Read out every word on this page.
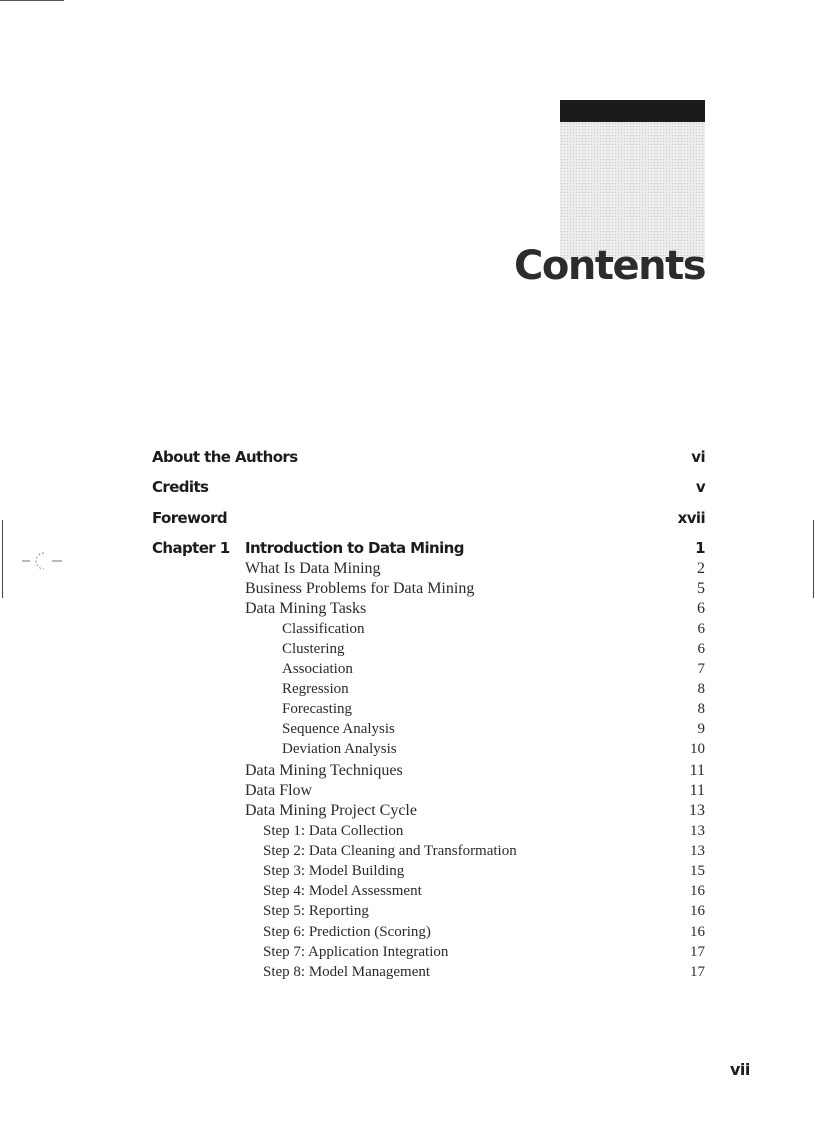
Contents
About the Authors	vi
Credits	v
Foreword	xvii
Chapter 1 Introduction to Data Mining	1
What Is Data Mining	2
Business Problems for Data Mining	5
Data Mining Tasks	6
Classification	6
Clustering	6
Association	7
Regression	8
Forecasting	8
Sequence Analysis	9
Deviation Analysis	10
Data Mining Techniques	11
Data Flow	11
Data Mining Project Cycle	13
Step 1: Data Collection	13
Step 2: Data Cleaning and Transformation	13
Step 3: Model Building	15
Step 4: Model Assessment	16
Step 5: Reporting	16
Step 6: Prediction (Scoring)	16
Step 7: Application Integration	17
Step 8: Model Management	17
vii
